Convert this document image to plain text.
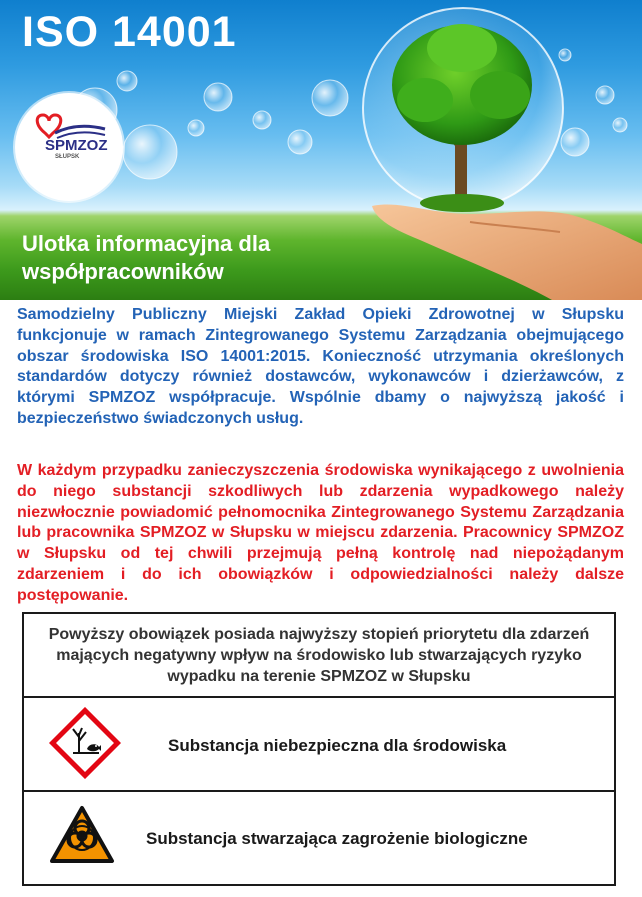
ISO 14001
SPMZOZ
SŁUPSK
Ulotka informacyjna dla współpracowników

Samodzielny Publiczny Miejski Zakład Opieki Zdrowotnej w Słupsku funkcjonuje w ramach Zintegrowanego Systemu Zarządzania obejmującego obszar środowiska ISO 14001:2015. Konieczność utrzymania określonych standardów dotyczy również dostawców, wykonawców i dzierżawców, z którymi SPMZOZ współpracuje. Wspólnie dbamy o najwyższą jakość i bezpieczeństwo świadczonych usług.

W każdym przypadku zanieczyszczenia środowiska wynikającego z uwolnienia do niego substancji szkodliwych lub zdarzenia wypadkowego należy niezwłocznie powiadomić pełnomocnika Zintegrowanego Systemu Zarządzania lub pracownika SPMZOZ w Słupsku w miejscu zdarzenia. Pracownicy SPMZOZ w Słupsku od tej chwili przejmują pełną kontrolę nad niepożądanym zdarzeniem i do ich obowiązków i odpowiedzialności należy dalsze postępowanie.

Powyższy obowiązek posiada najwyższy stopień priorytetu dla zdarzeń mających negatywny wpływ na środowisko lub stwarzających ryzyko wypadku na terenie SPMZOZ w Słupsku

Substancja niebezpieczna dla środowiska
Substancja stwarzająca zagrożenie biologiczne
